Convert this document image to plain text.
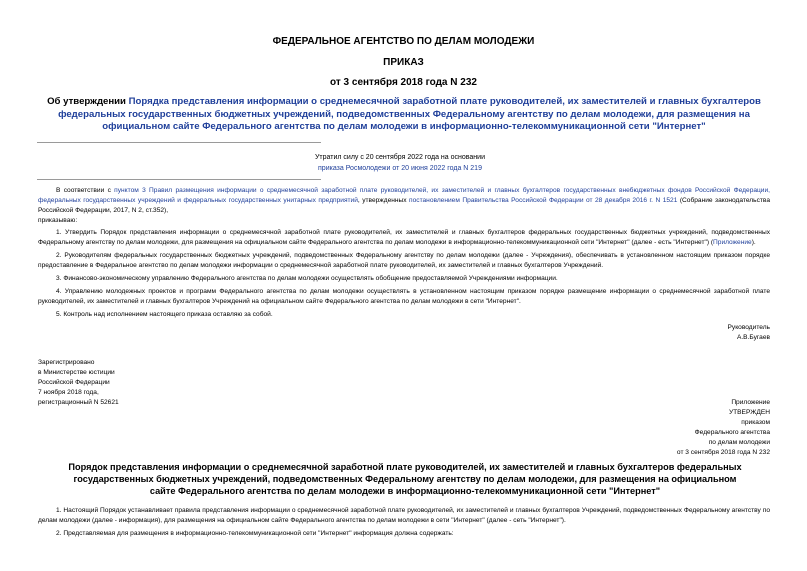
ФЕДЕРАЛЬНОЕ АГЕНТСТВО ПО ДЕЛАМ МОЛОДЕЖИ

ПРИКАЗ

от 3 сентября 2018 года N 232

Об утверждении Порядка представления информации о среднемесячной заработной плате руководителей, их заместителей и главных бухгалтеров федеральных государственных бюджетных учреждений, подведомственных Федеральному агентству по делам молодежи, для размещения на официальном сайте Федерального агентства по делам молодежи в информационно-телекоммуникационной сети "Интернет"

Утратил силу с 20 сентября 2022 года на основании
приказа Росмолодежи от 20 июня 2022 года N 219

В соответствии с пунктом 3 Правил размещения информации о среднемесячной заработной плате руководителей, их заместителей и главных бухгалтеров государственных внебюджетных фондов Российской Федерации, федеральных государственных учреждений и федеральных государственных унитарных предприятий, утвержденных постановлением Правительства Российской Федерации от 28 декабря 2016 г. N 1521 (Собрание законодательства Российской Федерации, 2017, N 2, ст.352),

приказываю:

1. Утвердить Порядок представления информации о среднемесячной заработной плате руководителей, их заместителей и главных бухгалтеров федеральных государственных бюджетных учреждений, подведомственных Федеральному агентству по делам молодежи, для размещения на официальном сайте Федерального агентства по делам молодежи в информационно-телекоммуникационной сети "Интернет" (далее - есть "Интернет") (Приложение).

2. Руководителям федеральных государственных бюджетных учреждений, подведомственных Федеральному агентству по делам молодежи (далее - Учреждения), обеспечивать в установленном настоящим приказом порядке предоставление в Федеральное агентство по делам молодежи информации о среднемесячной заработной плате руководителей, их заместителей и главных бухгалтеров Учреждений.

3. Финансово-экономическому управлению Федерального агентства по делам молодежи осуществлять обобщение предоставляемой Учреждениями информации.

4. Управлению молодежных проектов и программ Федерального агентства по делам молодежи осуществлять в установленном настоящим приказом порядке размещение информации о среднемесячной заработной плате руководителей, их заместителей и главных бухгалтеров Учреждений на официальном сайте Федерального агентства по делам молодежи в сети "Интернет".

5. Контроль над исполнением настоящего приказа оставляю за собой.

Руководитель
А.В.Бугаев
Зарегистрировано
в Министерстве юстиции
Российской Федерации
7 ноября 2018 года,
регистрационный N 52621	Приложение
УТВЕРЖДЕН
приказом
Федерального агентства
по делам молодежи
от 3 сентября 2018 года N 232

Порядок представления информации о среднемесячной заработной плате руководителей, их заместителей и главных бухгалтеров федеральных государственных бюджетных учреждений, подведомственных Федеральному агентству по делам молодежи, для размещения на официальном сайте Федерального агентства по делам молодежи в информационно-телекоммуникационной сети "Интернет"

1. Настоящий Порядок устанавливает правила представления информации о среднемесячной заработной плате руководителей, их заместителей и главных бухгалтеров Учреждений, подведомственных Федеральному агентству по делам молодежи (далее - информация), для размещения на официальном сайте Федерального агентства по делам молодежи в сети "Интернет" (далее - сеть "Интернет").

2. Представляемая для размещения в информационно-телекоммуникационной сети "Интернет" информация должна содержать:
